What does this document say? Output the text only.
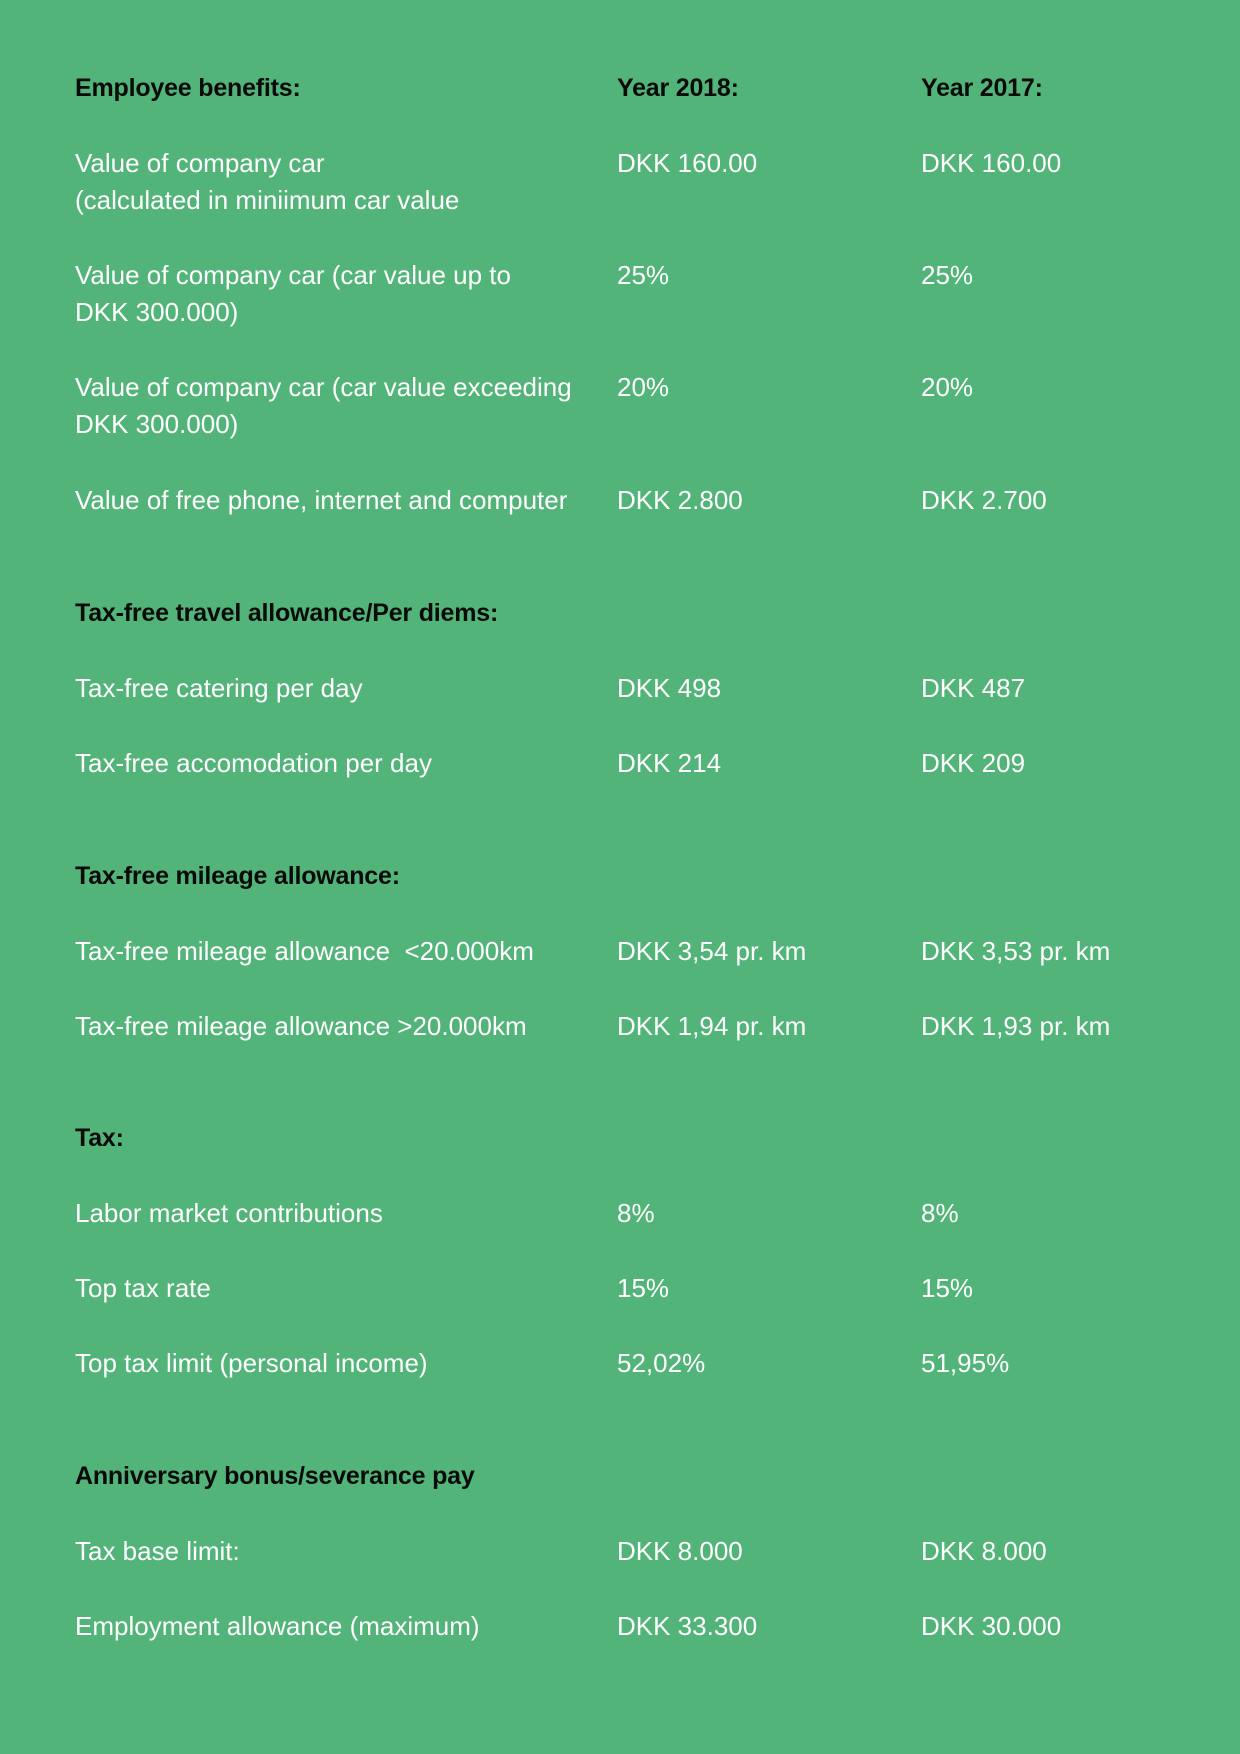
Employee benefits:	Year 2018:	Year 2017:
Value of company car
(calculated in miniimum car value
DKK 160.00	DKK 160.00
Value of company car (car value up to
DKK 300.000)
25%	25%
Value of company car (car value exceeding
DKK 300.000)
20%	20%
Value of free phone, internet and computer	DKK 2.800	DKK 2.700
Tax-free travel allowance/Per diems:
Tax-free catering per day	DKK 498	DKK 487
Tax-free accomodation per day	DKK 214	DKK 209
Tax-free mileage allowance:
Tax-free mileage allowance  <20.000km	DKK 3,54 pr. km	DKK 3,53 pr. km
Tax-free mileage allowance >20.000km	DKK 1,94 pr. km	DKK 1,93 pr. km
Tax:
Labor market contributions	8%	8%
Top tax rate	15%	15%
Top tax limit (personal income)	52,02%	51,95%
Anniversary bonus/severance pay
Tax base limit:	DKK 8.000	DKK 8.000
Employment allowance (maximum)	DKK 33.300	DKK 30.000
